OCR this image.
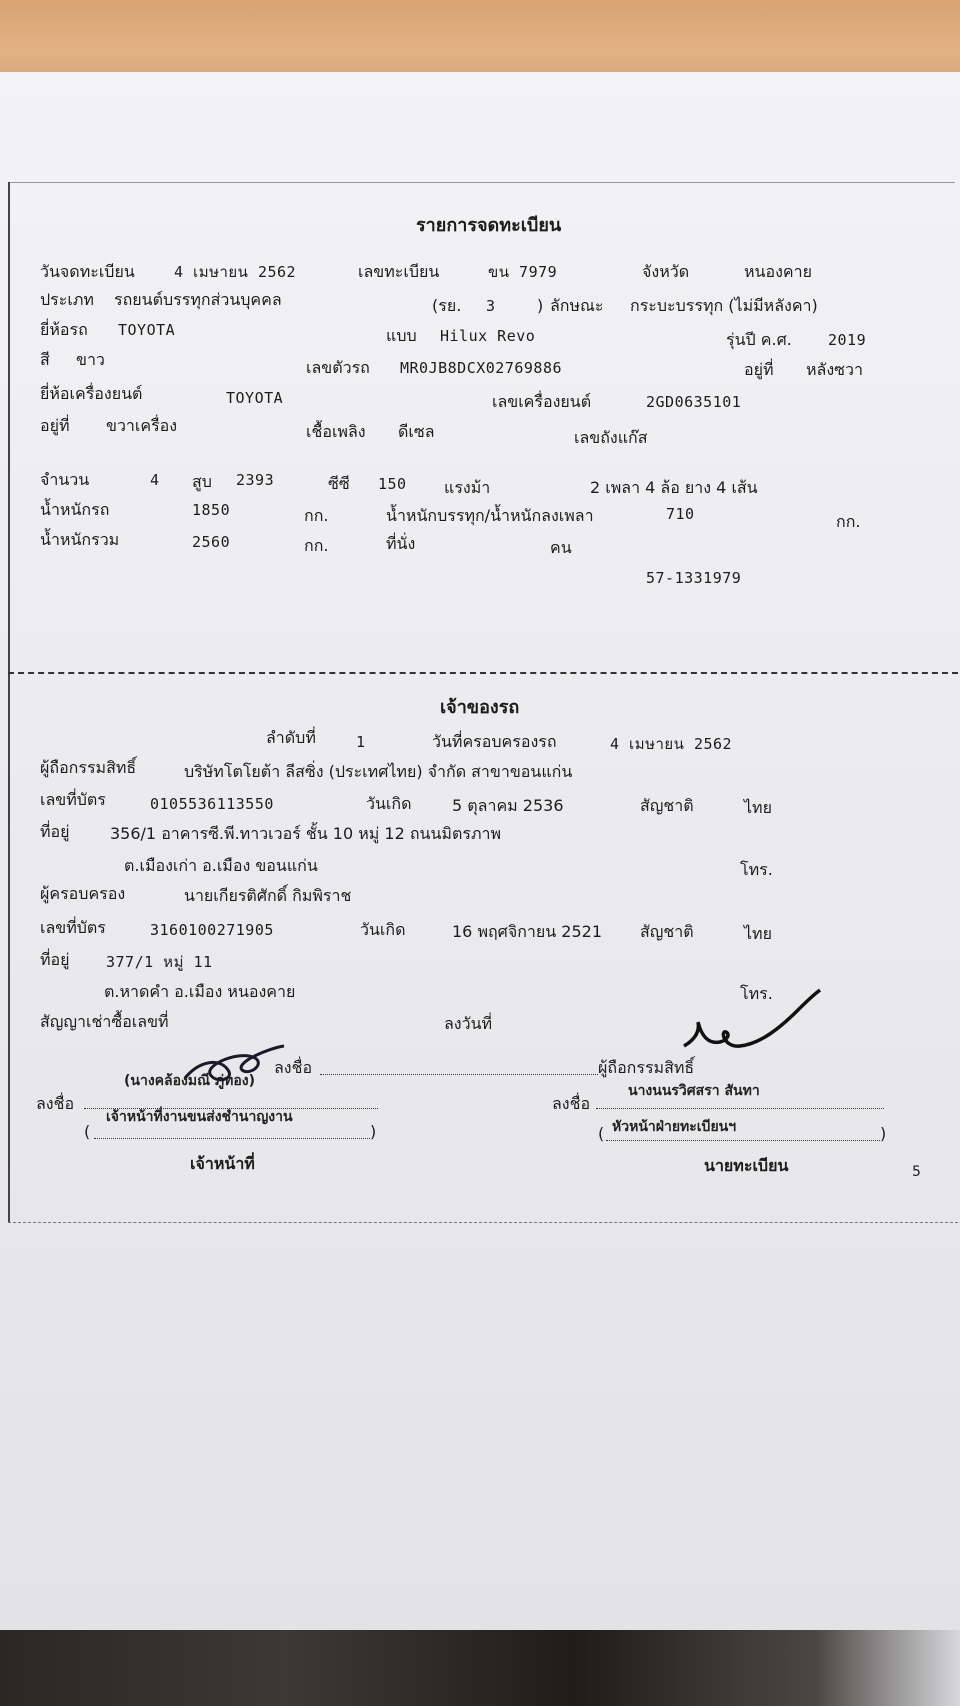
รายการจดทะเบียน
วันจดทะเบียน	4 เมษายน 2562	เลขทะเบียน	ขน 7979	จังหวัด	หนองคาย
ประเภท รถยนต์บรรทุกส่วนบุคคล	(รย. 3	) ลักษณะ กระบะบรรทุก (ไม่มีหลังคา)
ยี่ห้อรถ TOYOTA	แบบ Hilux Revo	รุ่นปี ค.ศ. 2019
สี ขาว	เลขตัวรถ MR0JB8DCX02769886	อยู่ที่ หลังซวา
ยี่ห้อเครื่องยนต์	TOYOTA	เลขเครื่องยนต์	2GD0635101
อยู่ที่ ขวาเครื่อง	เชื้อเพลิง ดีเซล	เลขถังแก๊ส
จำนวน	4 สูบ 2393	ซีซี 150 แรงม้า	2 เพลา 4 ล้อ ยาง 4 เส้น
น้ำหนักรถ	1850	กก.	น้ำหนักบรรทุก/น้ำหนักลงเพลา	710	กก.
น้ำหนักรวม	2560	กก.	ที่นั่ง	คน
57-1331979
เจ้าของรถ
ลำดับที่	1	วันที่ครอบครองรถ	4 เมษายน 2562
ผู้ถือกรรมสิทธิ์	บริษัทโตโยต้า ลีสซิ่ง (ประเทศไทย) จำกัด สาขาขอนแก่น
เลขที่บัตร	0105536113550	วันเกิด	5 ตุลาคม 2536	สัญชาติ	ไทย
ที่อยู่	356/1 อาคารซี.พี.ทาวเวอร์ ชั้น 10 หมู่ 12 ถนนมิตรภาพ
ต.เมืองเก่า อ.เมือง ขอนแก่น	โทร.
ผู้ครอบครอง	นายเกียรติศักดิ์ กิมพิราช
เลขที่บัตร	3160100271905	วันเกิด	16 พฤศจิกายน 2521 สัญชาติ	ไทย
ที่อยู่ 377/1 หมู่ 11
ต.หาดคำ อ.เมือง หนองคาย	โทร.
สัญญาเช่าซื้อเลขที่	ลงวันที่
ลงชื่อ	ผู้ถือกรรมสิทธิ์
(นางคล้องมณี ภู่ทอง)
ลงชื่อ
เจ้าหน้าที่งานขนส่งชำนาญงาน
(	)
เจ้าหน้าที่
ลงชื่อ
นางนนรวิศสรา สันทา
( หัวหน้าฝ่ายทะเบียนฯ	)
นายทะเบียน	5
